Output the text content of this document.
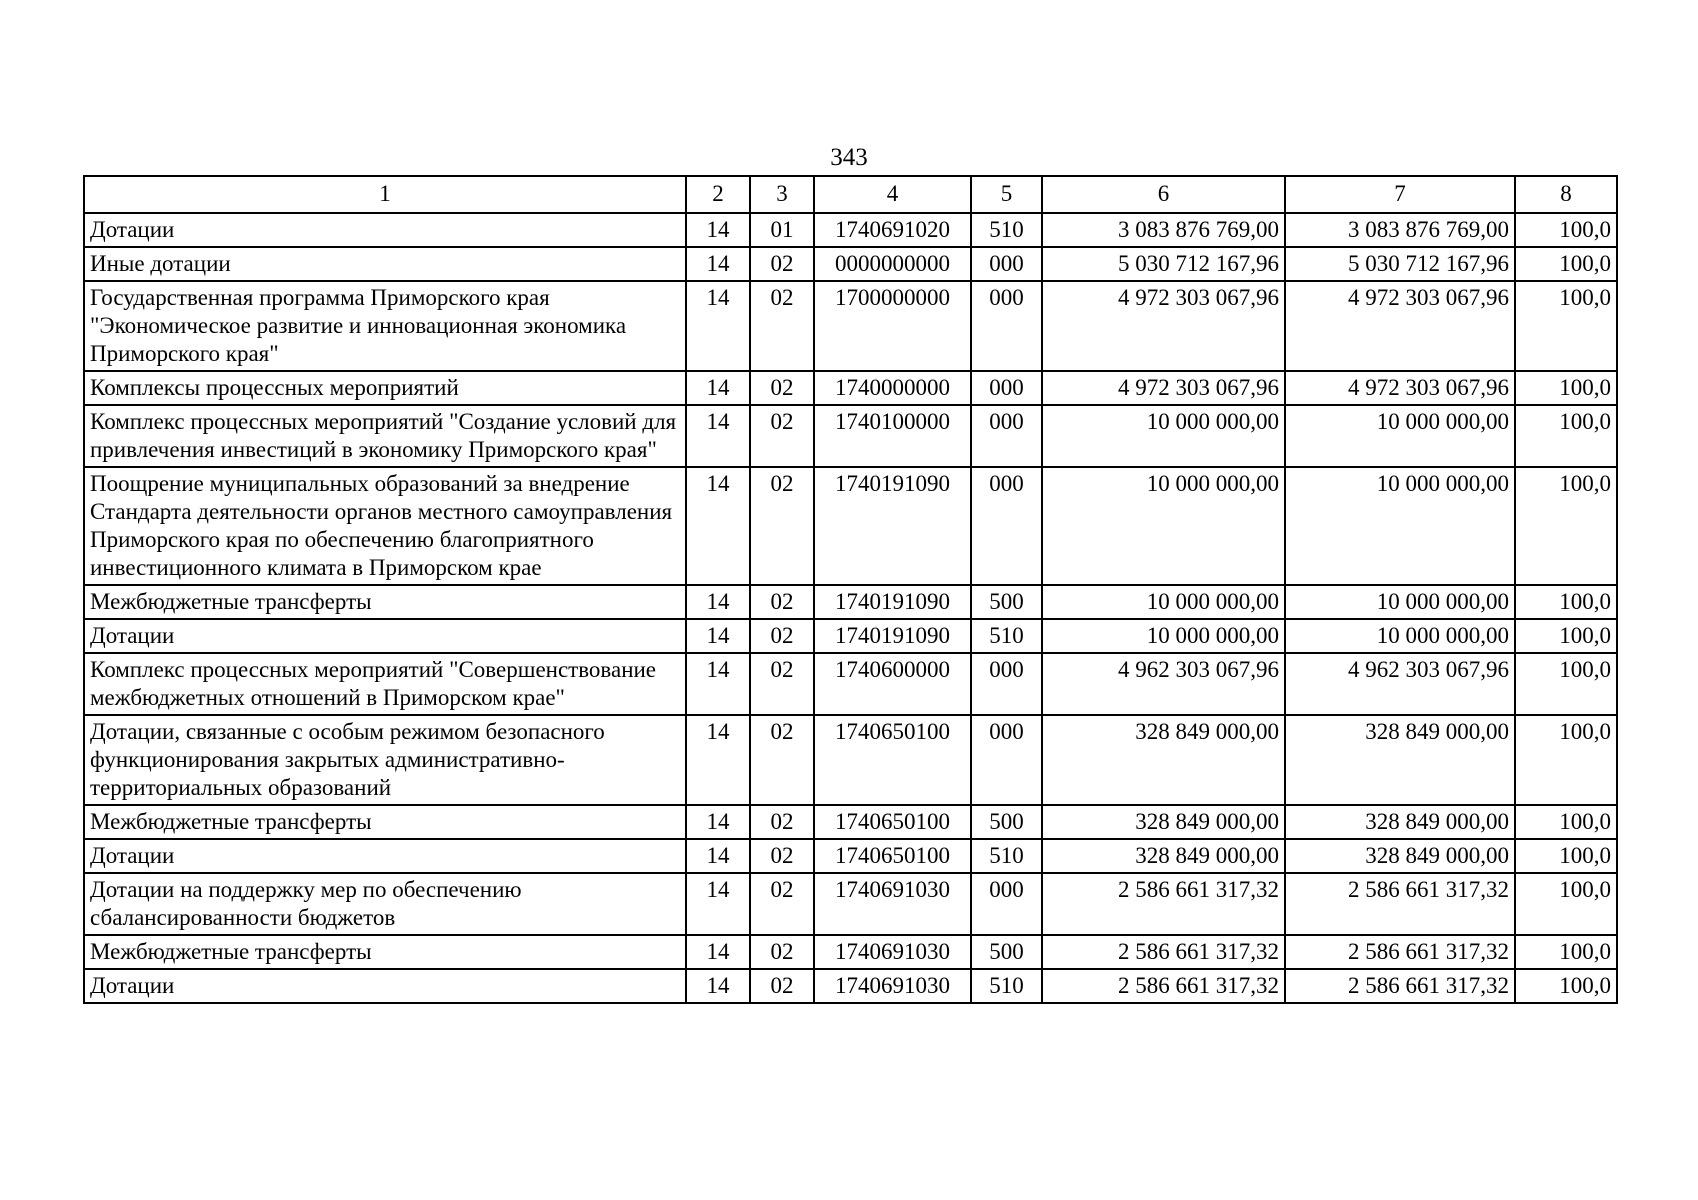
343
1	2	3	4	5	6	7	8
Дотации	14	01	1740691020	510	3 083 876 769,00	3 083 876 769,00	100,0
Иные дотации	14	02	0000000000	000	5 030 712 167,96	5 030 712 167,96	100,0
Государственная программа Приморского края "Экономическое развитие и инновационная экономика Приморского края"	14	02	1700000000	000	4 972 303 067,96	4 972 303 067,96	100,0
Комплексы процессных мероприятий	14	02	1740000000	000	4 972 303 067,96	4 972 303 067,96	100,0
Комплекс процессных мероприятий "Создание условий для привлечения инвестиций в экономику Приморского края"	14	02	1740100000	000	10 000 000,00	10 000 000,00	100,0
Поощрение муниципальных образований за внедрение Стандарта деятельности органов местного самоуправления Приморского края по обеспечению благоприятного инвестиционного климата в Приморском крае	14	02	1740191090	000	10 000 000,00	10 000 000,00	100,0
Межбюджетные трансферты	14	02	1740191090	500	10 000 000,00	10 000 000,00	100,0
Дотации	14	02	1740191090	510	10 000 000,00	10 000 000,00	100,0
Комплекс процессных мероприятий "Совершенствование межбюджетных отношений в Приморском крае"	14	02	1740600000	000	4 962 303 067,96	4 962 303 067,96	100,0
Дотации, связанные с особым режимом безопасного функционирования закрытых административно-территориальных образований	14	02	1740650100	000	328 849 000,00	328 849 000,00	100,0
Межбюджетные трансферты	14	02	1740650100	500	328 849 000,00	328 849 000,00	100,0
Дотации	14	02	1740650100	510	328 849 000,00	328 849 000,00	100,0
Дотации на поддержку мер по обеспечению сбалансированности бюджетов	14	02	1740691030	000	2 586 661 317,32	2 586 661 317,32	100,0
Межбюджетные трансферты	14	02	1740691030	500	2 586 661 317,32	2 586 661 317,32	100,0
Дотации	14	02	1740691030	510	2 586 661 317,32	2 586 661 317,32	100,0
